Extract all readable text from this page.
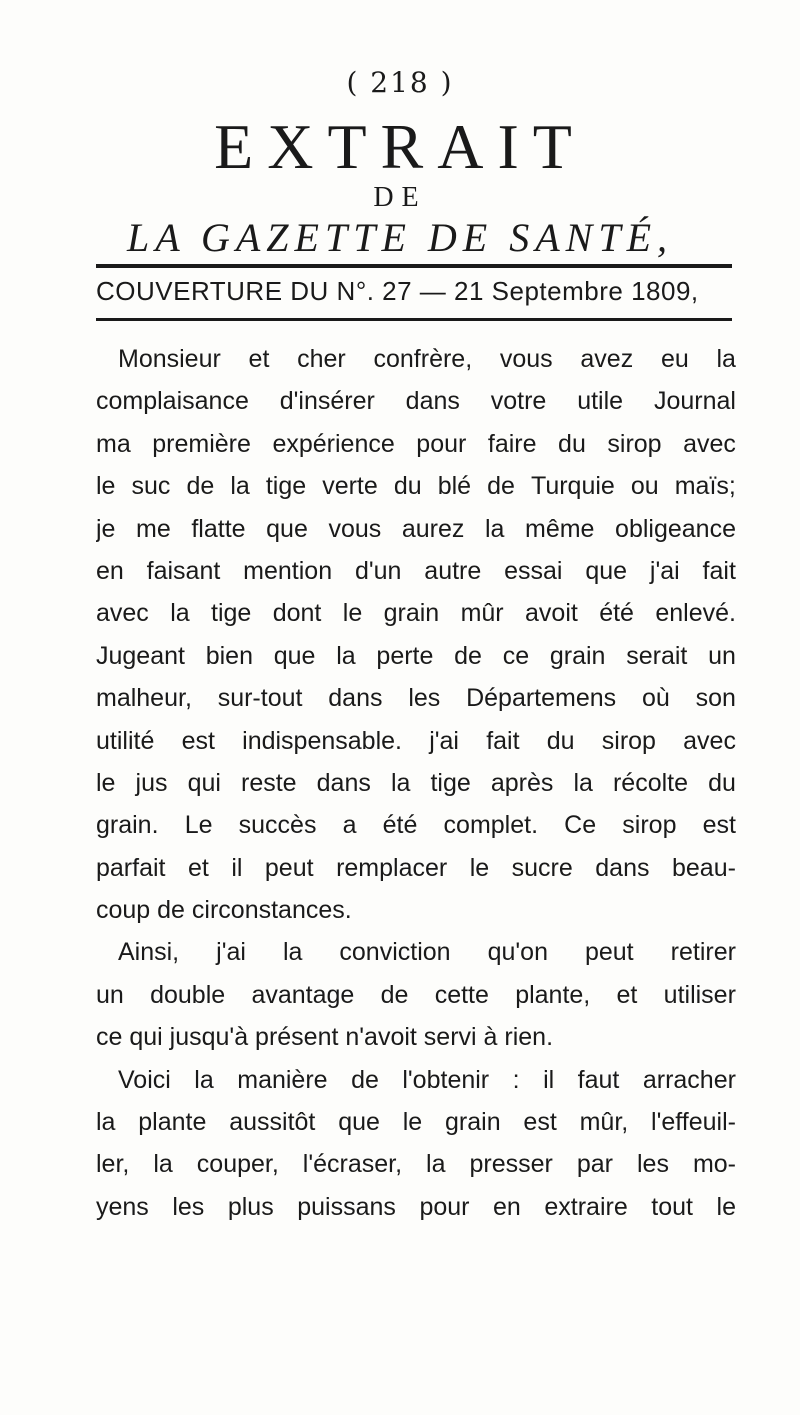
( 218 )
EXTRAIT
DE
LA GAZETTE DE SANTÉ,
COUVERTURE DU N°. 27 — 21 Septembre 1809,
Monsieur et cher confrère, vous avez eu la
complaisance d'insérer dans votre utile Journal
ma première expérience pour faire du sirop avec
le suc de la tige verte du blé de Turquie ou maïs;
je me flatte que vous aurez la même obligeance
en faisant mention d'un autre essai que j'ai fait
avec la tige dont le grain mûr avoit été enlevé.
Jugeant bien que la perte de ce grain serait un
malheur, sur-tout dans les Départemens où son
utilité est indispensable. j'ai fait du sirop avec
le jus qui reste dans la tige après la récolte du
grain. Le succès a été complet. Ce sirop est
parfait et il peut remplacer le sucre dans beau-
coup de circonstances.
Ainsi, j'ai la conviction qu'on peut retirer
un double avantage de cette plante, et utiliser
ce qui jusqu'à présent n'avoit servi à rien.
Voici la manière de l'obtenir : il faut arracher
la plante aussitôt que le grain est mûr, l'effeuil-
ler, la couper, l'écraser, la presser par les mo-
yens les plus puissans pour en extraire tout le
